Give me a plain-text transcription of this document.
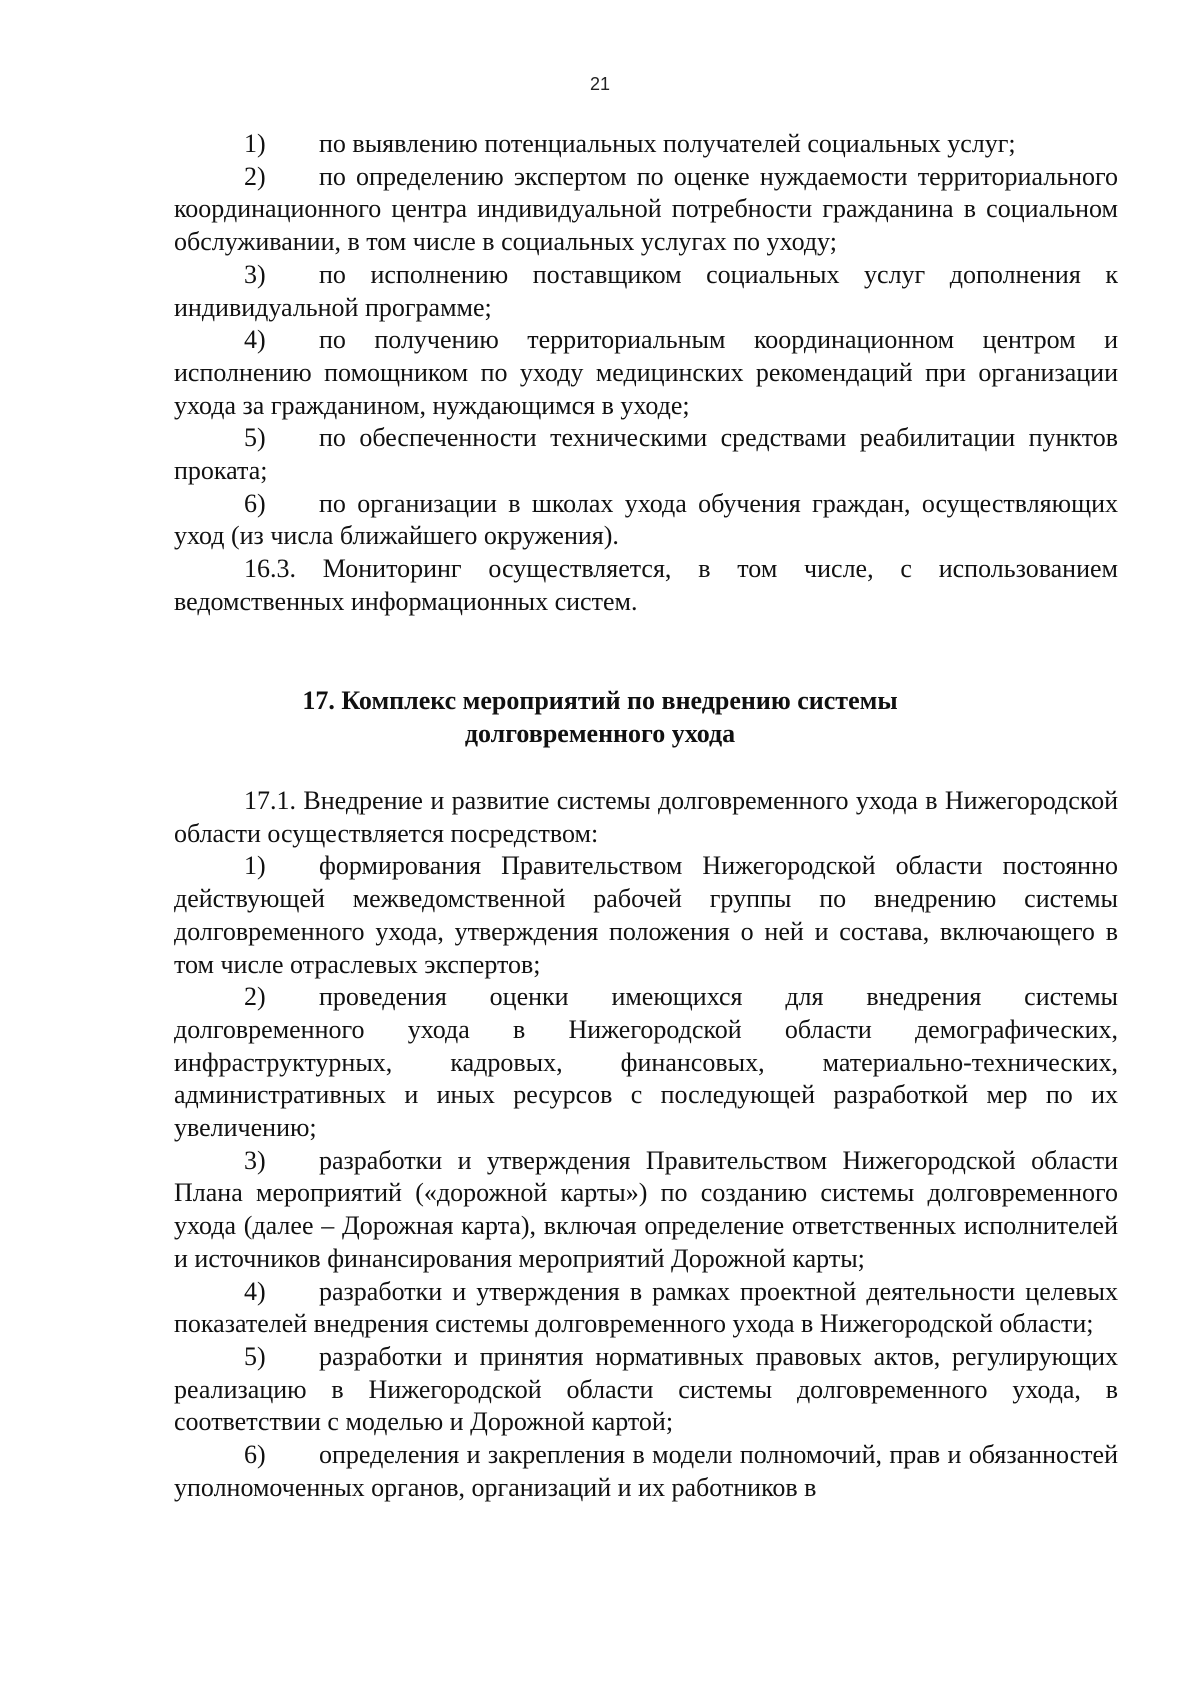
21

1) по выявлению потенциальных получателей социальных услуг;

2) по определению экспертом по оценке нуждаемости территориального координационного центра индивидуальной потребности гражданина в социальном обслуживании, в том числе в социальных услугах по уходу;

3) по исполнению поставщиком социальных услуг дополнения к индивидуальной программе;

4) по получению территориальным координационном центром и исполнению помощником по уходу медицинских рекомендаций при организации ухода за гражданином, нуждающимся в уходе;

5) по обеспеченности техническими средствами реабилитации пунктов проката;

6) по организации в школах ухода обучения граждан, осуществляющих уход (из числа ближайшего окружения).

16.3. Мониторинг осуществляется, в том числе, с использованием ведомственных информационных систем.

17. Комплекс мероприятий по внедрению системы
долговременного ухода

17.1. Внедрение и развитие системы долговременного ухода в Нижегородской области осуществляется посредством:

1) формирования Правительством Нижегородской области постоянно действующей межведомственной рабочей группы по внедрению системы долговременного ухода, утверждения положения о ней и состава, включающего в том числе отраслевых экспертов;

2) проведения оценки имеющихся для внедрения системы долговременного ухода в Нижегородской области демографических, инфраструктурных, кадровых, финансовых, материально-технических, административных и иных ресурсов с последующей разработкой мер по их увеличению;

3) разработки и утверждения Правительством Нижегородской области Плана мероприятий («дорожной карты») по созданию системы долговременного ухода (далее – Дорожная карта), включая определение ответственных исполнителей и источников финансирования мероприятий Дорожной карты;

4) разработки и утверждения в рамках проектной деятельности целевых показателей внедрения системы долговременного ухода в Нижегородской области;

5) разработки и принятия нормативных правовых актов, регулирующих реализацию в Нижегородской области системы долговременного ухода, в соответствии с моделью и Дорожной картой;

6) определения и закрепления в модели полномочий, прав и обязанностей уполномоченных органов, организаций и их работников в
